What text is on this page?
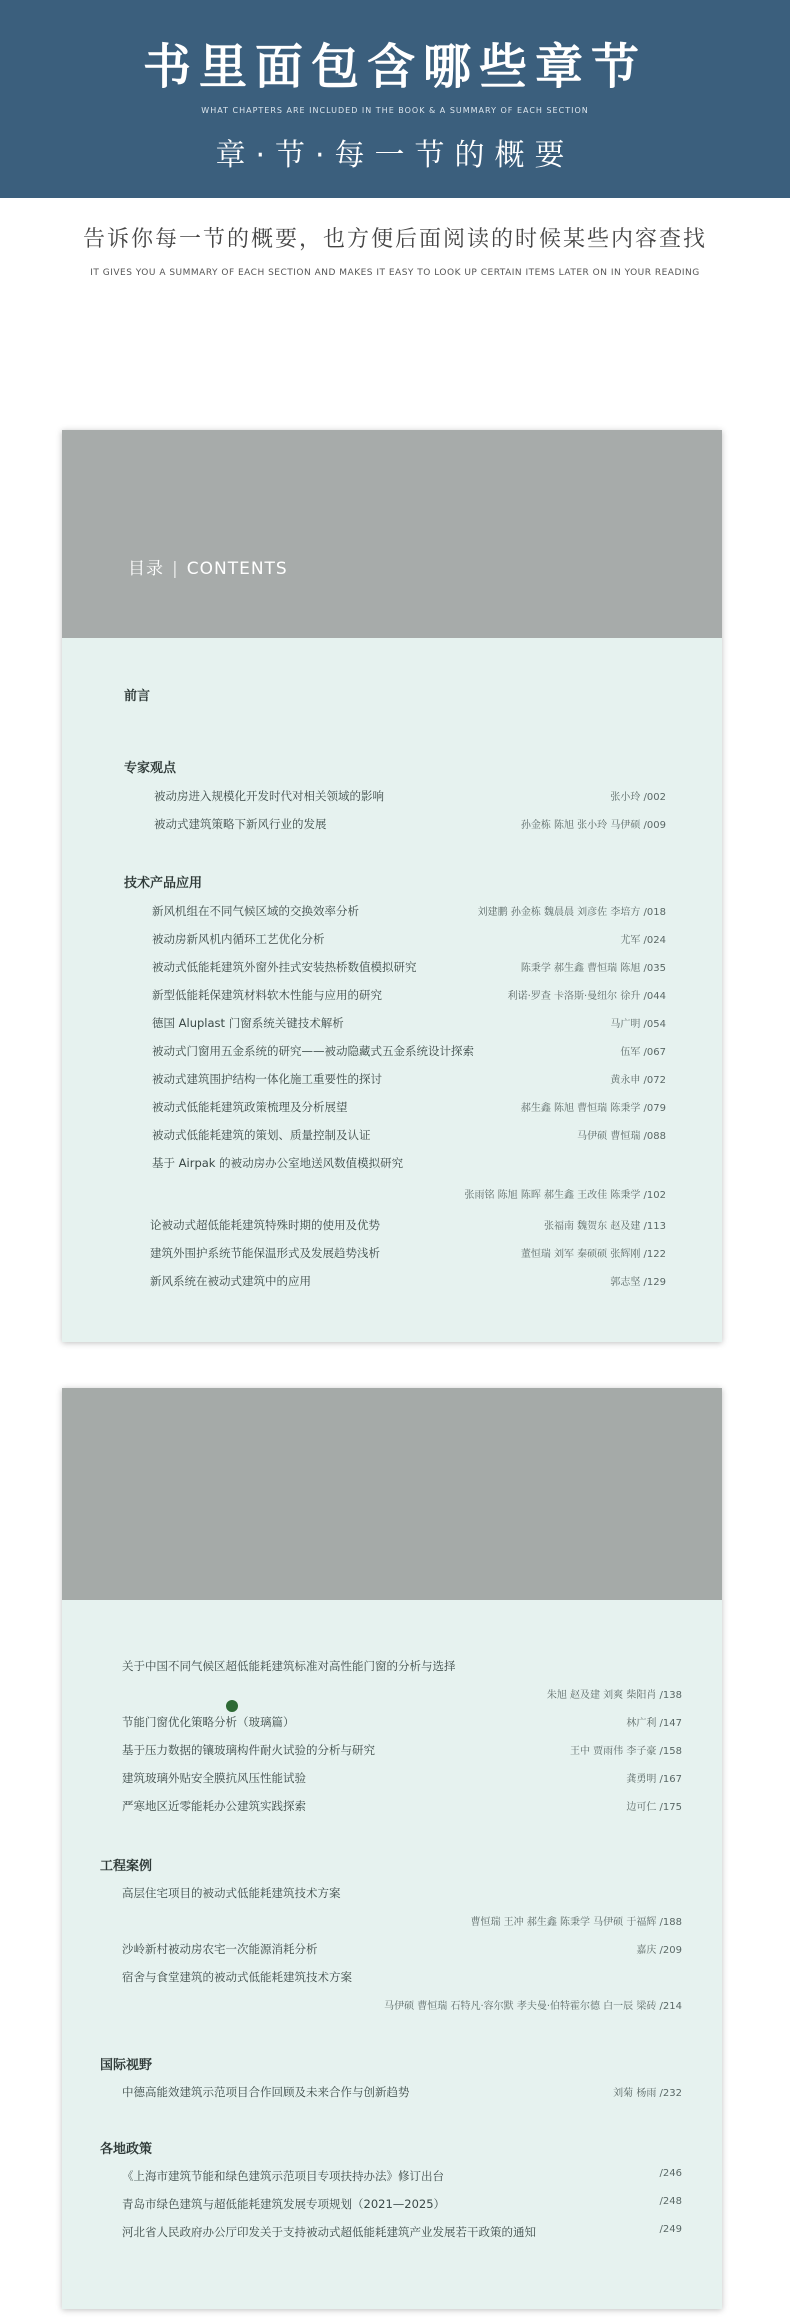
书里面包含哪些章节
WHAT CHAPTERS ARE INCLUDED IN THE BOOK & A SUMMARY OF EACH SECTION
章·节·每一节的概要
告诉你每一节的概要，也方便后面阅读的时候某些内容查找
IT GIVES YOU A SUMMARY OF EACH SECTION AND MAKES IT EASY TO LOOK UP CERTAIN ITEMS LATER ON IN YOUR READING
目录 | CONTENTS
前言
专家观点
被动房进入规模化开发时代对相关领域的影响	张小玲 /002
被动式建筑策略下新风行业的发展	孙金栋 陈旭 张小玲 马伊硕 /009
技术产品应用
新风机组在不同气候区域的交换效率分析	刘建鹏 孙金栋 魏晨晨 刘彦佐 李培方 /018
被动房新风机内循环工艺优化分析	尤军 /024
被动式低能耗建筑外窗外挂式安装热桥数值模拟研究	陈秉学 郝生鑫 曹恒瑞 陈旭 /035
新型低能耗保建筑材料软木性能与应用的研究	利诺·罗查 卡洛斯·曼纽尔 徐升 /044
德国 Aluplast 门窗系统关键技术解析	马广明 /054
被动式门窗用五金系统的研究——被动隐藏式五金系统设计探索	伍军 /067
被动式建筑围护结构一体化施工重要性的探讨	黄永申 /072
被动式低能耗建筑政策梳理及分析展望	郝生鑫 陈旭 曹恒瑞 陈秉学 /079
被动式低能耗建筑的策划、质量控制及认证	马伊硕 曹恒瑞 /088
基于 Airpak 的被动房办公室地送风数值模拟研究
张雨铭 陈旭 陈晖 郝生鑫 王改佳 陈秉学 /102
论被动式超低能耗建筑特殊时期的使用及优势	张福南 魏贺东 赵及建 /113
建筑外围护系统节能保温形式及发展趋势浅析	董恒瑞 刘军 秦硕硕 张辉刚 /122
新风系统在被动式建筑中的应用	郭志坚 /129
关于中国不同气候区超低能耗建筑标准对高性能门窗的分析与选择
朱旭 赵及建 刘爽 柴阳肖 /138
节能门窗优化策略分析（玻璃篇）	林广利 /147
基于压力数据的镶玻璃构件耐火试验的分析与研究	王中 贾雨伟 李子豪 /158
建筑玻璃外贴安全膜抗风压性能试验	龚勇明 /167
严寒地区近零能耗办公建筑实践探索	边可仁 /175
工程案例
高层住宅项目的被动式低能耗建筑技术方案
曹恒瑞 王冲 郝生鑫 陈秉学 马伊硕 于福辉 /188
沙岭新村被动房农宅一次能源消耗分析	嘉庆 /209
宿舍与食堂建筑的被动式低能耗建筑技术方案
马伊硕 曹恒瑞 石特凡·容尔默 孝夫曼·伯特霍尔德 白一辰 梁砖 /214
国际视野
中德高能效建筑示范项目合作回顾及未来合作与创新趋势	刘菊 杨雨 /232
各地政策
《上海市建筑节能和绿色建筑示范项目专项扶持办法》修订出台	/246
青岛市绿色建筑与超低能耗建筑发展专项规划（2021—2025）	/248
河北省人民政府办公厅印发关于支持被动式超低能耗建筑产业发展若干政策的通知	/249
